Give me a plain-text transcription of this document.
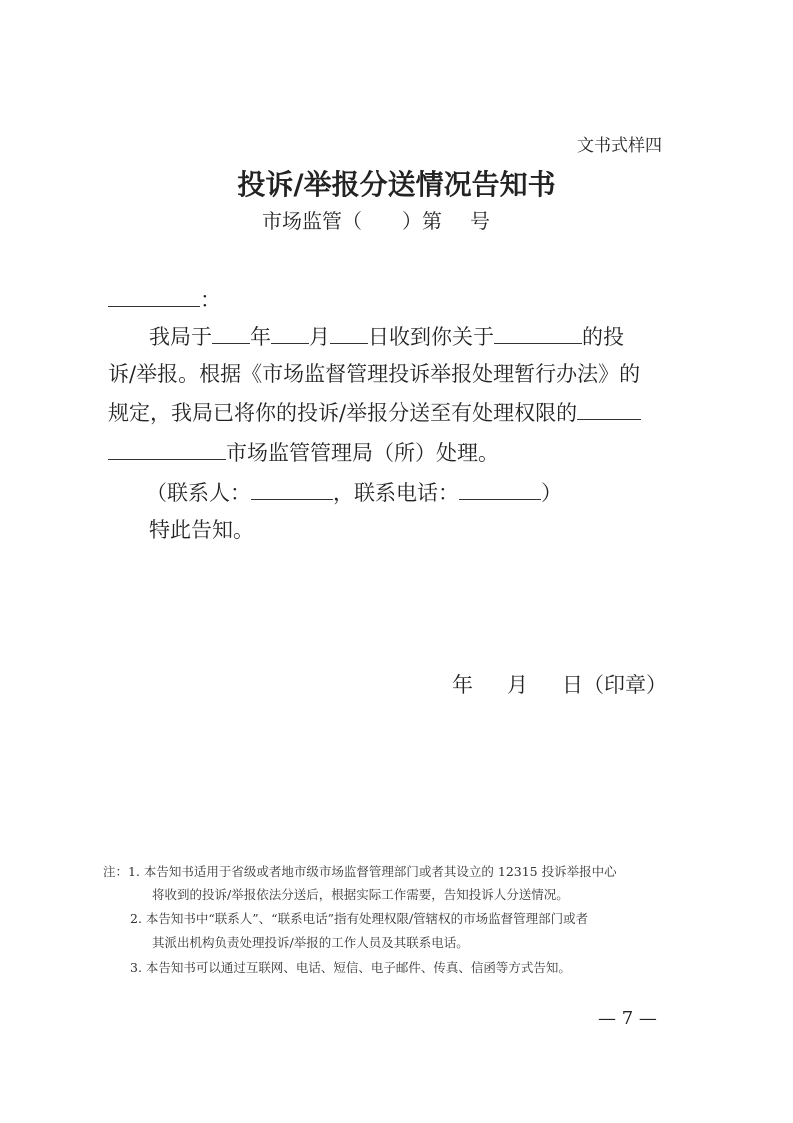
文书式样四
投诉/举报分送情况告知书
市场监管（ ）第 号
：
我局于 年 月 日收到你关于	的投
诉/举报。根据《市场监督管理投诉举报处理暂行办法》的
规定，我局已将你的投诉/举报分送至有处理权限的
市场监管管理局（所）处理。
（联系人：	，联系电话：	）
特此告知。
年 月 日（印章）
注：1. 本告知书适用于省级或者地市级市场监督管理部门或者其设立的 12315 投诉举报中心
将收到的投诉/举报依法分送后，根据实际工作需要，告知投诉人分送情况。
2. 本告知书中“联系人”、“联系电话”指有处理权限/管辖权的市场监督管理部门或者
其派出机构负责处理投诉/举报的工作人员及其联系电话。
3. 本告知书可以通过互联网、电话、短信、电子邮件、传真、信函等方式告知。
— 7 —
